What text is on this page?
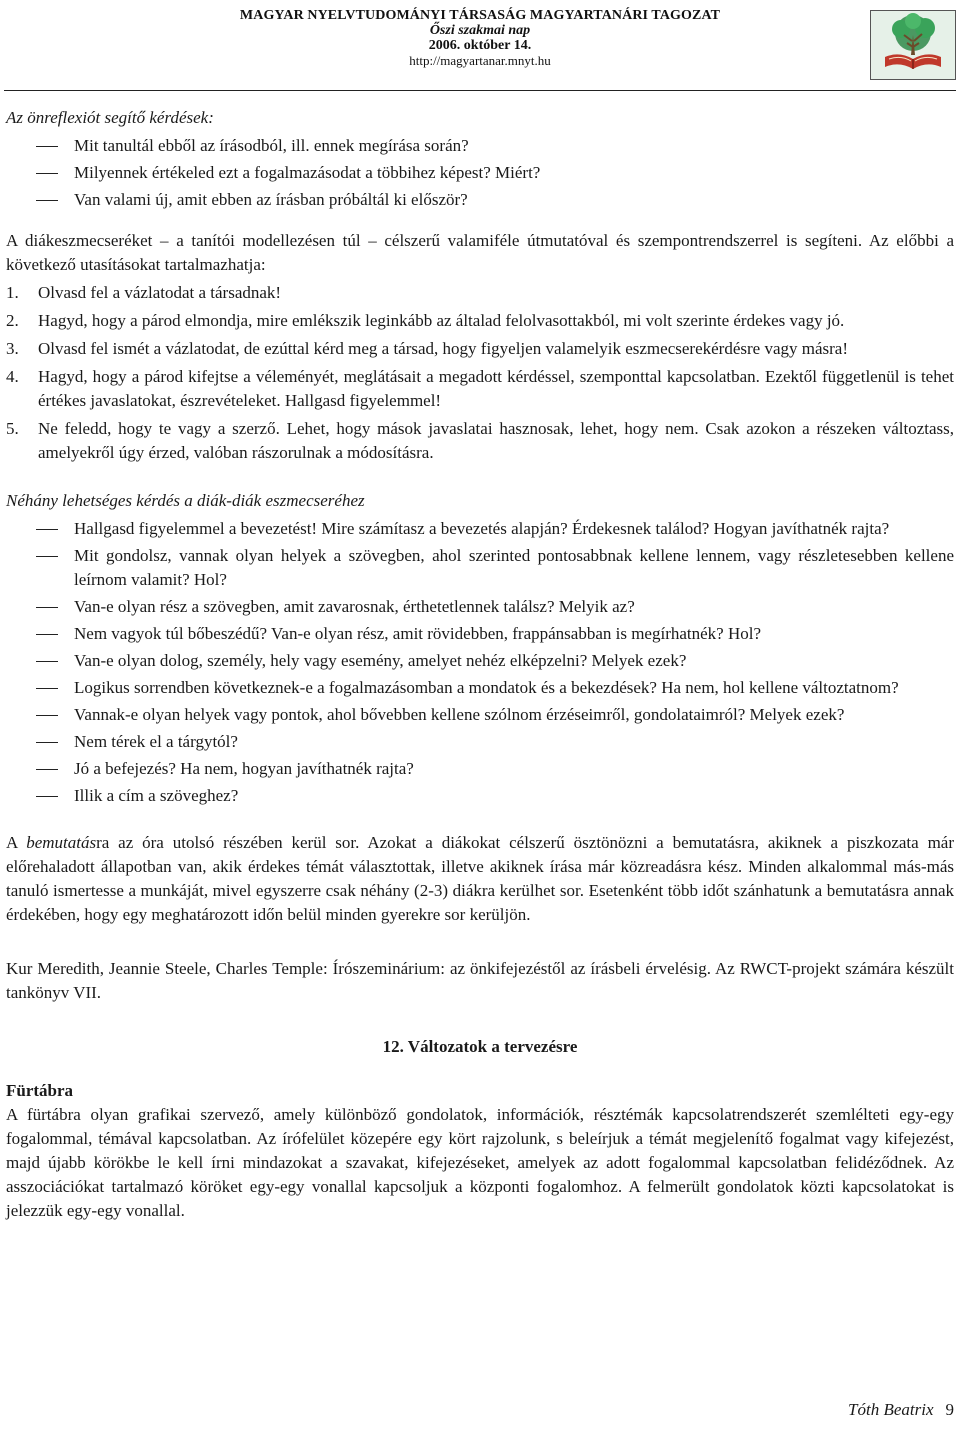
MAGYAR NYELVTUDOMÁNYI TÁRSASÁG MAGYARTANÁRI TAGOZAT
Őszi szakmai nap
2006. október 14.
http://magyartanar.mnyt.hu

Az önreflexiót segítő kérdések:

Mit tanultál ebből az írásodból, ill. ennek megírása során?
Milyennek értékeled ezt a fogalmazásodat a többihez képest? Miért?
Van valami új, amit ebben az írásban próbáltál ki először?

A diákeszmecseréket – a tanítói modellezésen túl – célszerű valamiféle útmutatóval és szempontrendszerrel is segíteni. Az előbbi a következő utasításokat tartalmazhatja:

1. Olvasd fel a vázlatodat a társadnak!
2. Hagyd, hogy a párod elmondja, mire emlékszik leginkább az általad felolvasottakból, mi volt szerinte érdekes vagy jó.
3. Olvasd fel ismét a vázlatodat, de ezúttal kérd meg a társad, hogy figyeljen valamelyik eszmecserekérdésre vagy másra!
4. Hagyd, hogy a párod kifejtse a véleményét, meglátásait a megadott kérdéssel, szemponttal kapcsolatban. Ezektől függetlenül is tehet értékes javaslatokat, észrevételeket. Hallgasd figyelemmel!
5. Ne feledd, hogy te vagy a szerző. Lehet, hogy mások javaslatai hasznosak, lehet, hogy nem. Csak azokon a részeken változtass, amelyekről úgy érzed, valóban rászorulnak a módosításra.

Néhány lehetséges kérdés a diák-diák eszmecseréhez

Hallgasd figyelemmel a bevezetést! Mire számítasz a bevezetés alapján? Érdekesnek találod? Hogyan javíthatnék rajta?
Mit gondolsz, vannak olyan helyek a szövegben, ahol szerinted pontosabbnak kellene lennem, vagy részletesebben kellene leírnom valamit? Hol?
Van-e olyan rész a szövegben, amit zavarosnak, érthetetlennek találsz? Melyik az?
Nem vagyok túl bőbeszédű? Van-e olyan rész, amit rövidebben, frappánsabban is megírhatnék? Hol?
Van-e olyan dolog, személy, hely vagy esemény, amelyet nehéz elképzelni? Melyek ezek?
Logikus sorrendben következnek-e a fogalmazásomban a mondatok és a bekezdések? Ha nem, hol kellene változtatnom?
Vannak-e olyan helyek vagy pontok, ahol bővebben kellene szólnom érzéseimről, gondolataimról? Melyek ezek?
Nem térek el a tárgytól?
Jó a befejezés? Ha nem, hogyan javíthatnék rajta?
Illik a cím a szöveghez?

A bemutatásra az óra utolsó részében kerül sor. Azokat a diákokat célszerű ösztönözni a bemutatásra, akiknek a piszkozata már előrehaladott állapotban van, akik érdekes témát választottak, illetve akiknek írása már közreadásra kész. Minden alkalommal más-más tanuló ismertesse a munkáját, mivel egyszerre csak néhány (2-3) diákra kerülhet sor. Esetenként több időt szánhatunk a bemutatásra annak érdekében, hogy egy meghatározott időn belül minden gyerekre sor kerüljön.

Kur Meredith, Jeannie Steele, Charles Temple: Írószeminárium: az önkifejezéstől az írásbeli érvelésig. Az RWCT-projekt számára készült tankönyv VII.

12. Változatok a tervezésre

Fürtábra

A fürtábra olyan grafikai szervező, amely különböző gondolatok, információk, résztémák kapcsolatrendszerét szemlélteti egy-egy fogalommal, témával kapcsolatban. Az írófelület közepére egy kört rajzolunk, s beleírjuk a témát megjelenítő fogalmat vagy kifejezést, majd újabb körökbe le kell írni mindazokat a szavakat, kifejezéseket, amelyek az adott fogalommal kapcsolatban felidéződnek. Az asszociációkat tartalmazó köröket egy-egy vonallal kapcsoljuk a központi fogalomhoz. A felmerült gondolatok közti kapcsolatokat is jelezzük egy-egy vonallal.

Tóth Beatrix 9
